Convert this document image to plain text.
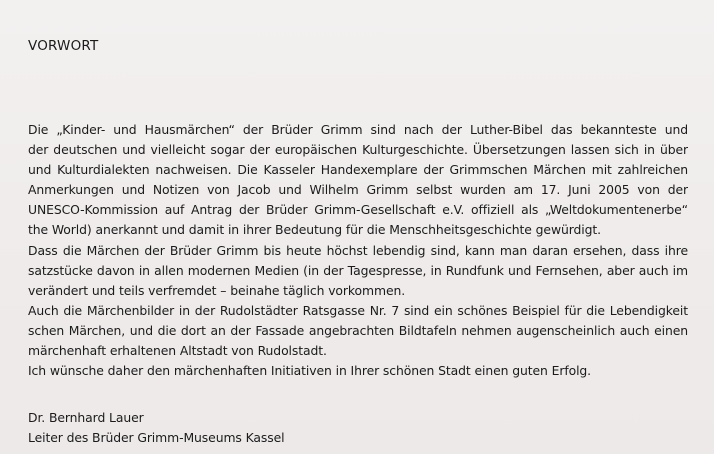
VORWORT
Die „Kinder- und Hausmärchen“ der Brüder Grimm sind nach der Luther-Bibel das bekannteste und
der deutschen und vielleicht sogar der europäischen Kulturgeschichte. Übersetzungen lassen sich in über
und Kulturdialekten nachweisen. Die Kasseler Handexemplare der Grimmschen Märchen mit zahlreichen
Anmerkungen und Notizen von Jacob und Wilhelm Grimm selbst wurden am 17. Juni 2005 von der
UNESCO-Kommission auf Antrag der Brüder Grimm-Gesellschaft e.V. offiziell als „Weltdokumentenerbe“
the World) anerkannt und damit in ihrer Bedeutung für die Menschheitsgeschichte gewürdigt.
Dass die Märchen der Brüder Grimm bis heute höchst lebendig sind, kann man daran ersehen, dass ihre
satzstücke davon in allen modernen Medien (in der Tagespresse, in Rundfunk und Fernsehen, aber auch im
verändert und teils verfremdet – beinahe täglich vorkommen.
Auch die Märchenbilder in der Rudolstädter Ratsgasse Nr. 7 sind ein schönes Beispiel für die Lebendigkeit
schen Märchen, und die dort an der Fassade angebrachten Bildtafeln nehmen augenscheinlich auch einen
märchenhaft erhaltenen Altstadt von Rudolstadt.
Ich wünsche daher den märchenhaften Initiativen in Ihrer schönen Stadt einen guten Erfolg.
Dr. Bernhard Lauer
Leiter des Brüder Grimm-Museums Kassel
